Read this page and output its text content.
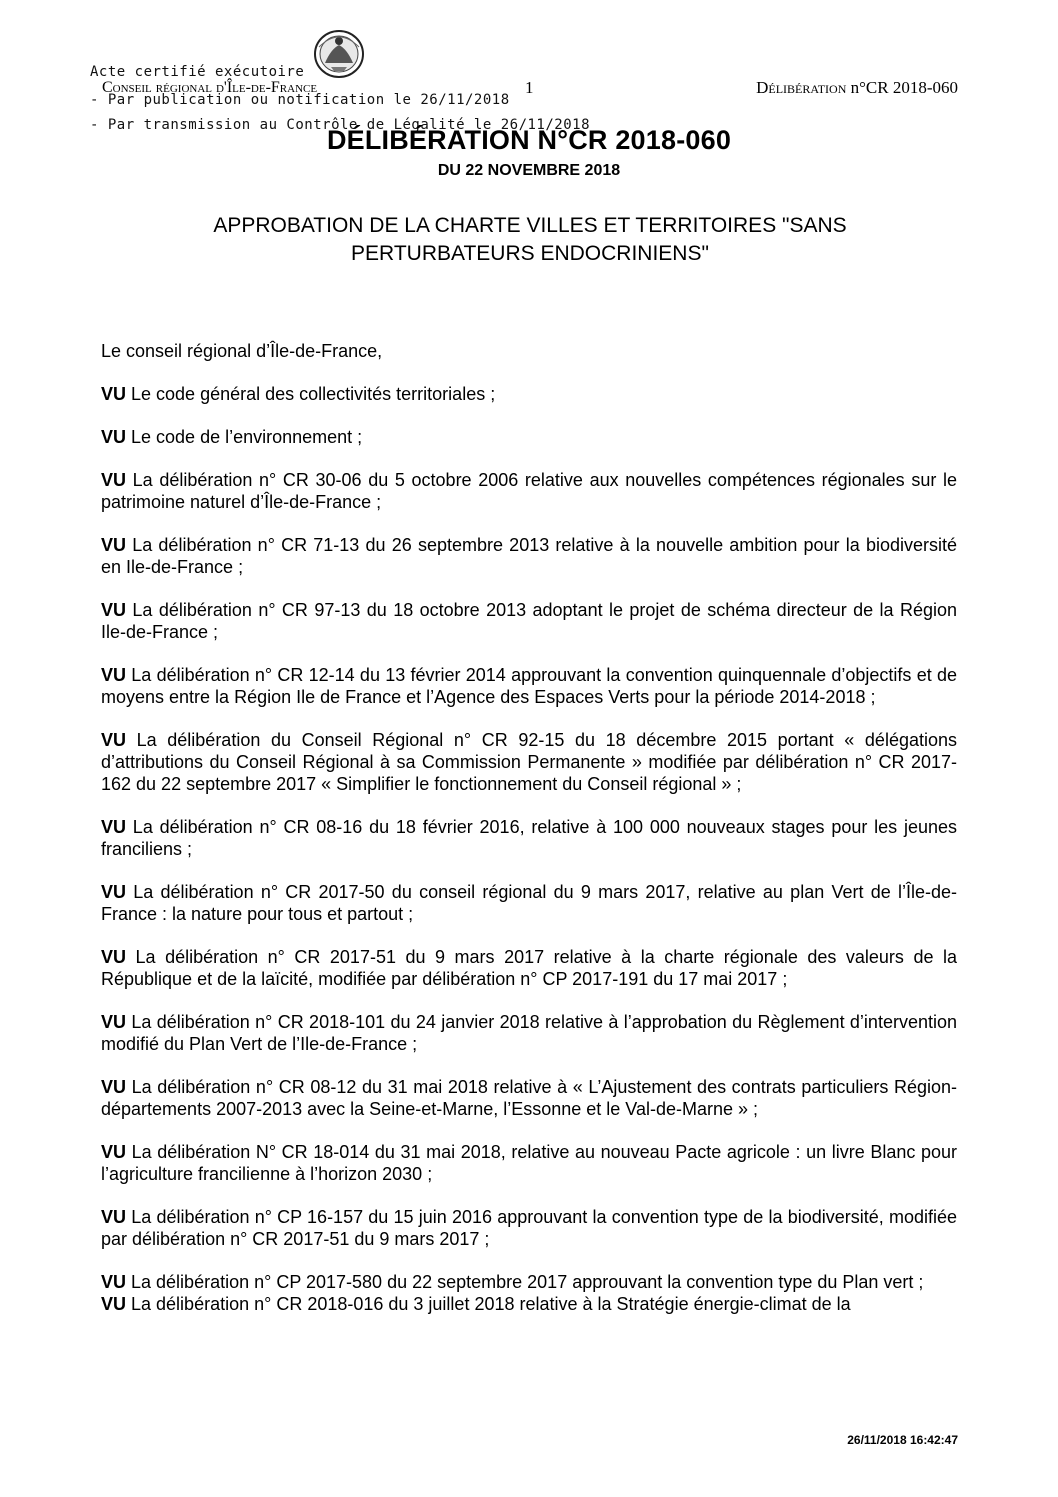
Acte certifié exécutoire
- Par publication ou notification le 26/11/2018
- Par transmission au Contrôle de Légalité le 26/11/2018
Conseil régional d'Île-de-France	1	Délibération n°CR 2018-060
DÉLIBÉRATION N°CR 2018-060
DU 22 NOVEMBRE 2018
APPROBATION DE LA CHARTE VILLES ET TERRITOIRES "SANS PERTURBATEURS ENDOCRINIENS"

Le conseil régional d’Île-de-France,

VU Le code général des collectivités territoriales ;

VU Le code de l’environnement ;

VU La délibération n° CR 30-06 du 5 octobre 2006 relative aux nouvelles compétences régionales sur le patrimoine naturel d’Île-de-France ;

VU La délibération n° CR 71-13 du 26 septembre 2013 relative à la nouvelle ambition pour la biodiversité en Ile-de-France ;

VU La délibération n° CR 97-13 du 18 octobre 2013 adoptant le projet de schéma directeur de la Région Ile-de-France ;

VU La délibération n° CR 12-14 du 13 février 2014 approuvant la convention quinquennale d’objectifs et de moyens entre la Région Ile de France et l’Agence des Espaces Verts pour la période 2014-2018 ;

VU La délibération du Conseil Régional n° CR 92-15 du 18 décembre 2015 portant « délégations d’attributions du Conseil Régional à sa Commission Permanente » modifiée par délibération n° CR 2017-162 du 22 septembre 2017 « Simplifier le fonctionnement du Conseil régional » ;

VU La délibération n° CR 08-16 du 18 février 2016, relative à 100 000 nouveaux stages pour les jeunes franciliens ;

VU La délibération n° CR 2017-50 du conseil régional du 9 mars 2017, relative au plan Vert de l’Île-de-France : la nature pour tous et partout ;

VU La délibération n° CR 2017-51 du 9 mars 2017 relative à la charte régionale des valeurs de la République et de la laïcité, modifiée par délibération n° CP 2017-191 du 17 mai 2017 ;

VU La délibération n° CR 2018-101 du 24 janvier 2018 relative à l’approbation du Règlement d’intervention modifié du Plan Vert de l’Ile-de-France ;

VU La délibération n° CR 08-12 du 31 mai 2018 relative à « L’Ajustement des contrats particuliers Région-départements 2007-2013 avec la Seine-et-Marne, l’Essonne et le Val-de-Marne » ;

VU La délibération N° CR 18-014 du 31 mai 2018, relative au nouveau Pacte agricole : un livre Blanc pour l’agriculture francilienne à l’horizon 2030 ;

VU La délibération n° CP 16-157 du 15 juin 2016 approuvant la convention type de la biodiversité, modifiée par délibération n° CR 2017-51 du 9 mars 2017 ;

VU La délibération n° CP 2017-580 du 22 septembre 2017 approuvant la convention type du Plan vert ;

VU La délibération n° CR 2018-016 du 3 juillet 2018 relative à la Stratégie énergie-climat de la

26/11/2018 16:42:47
